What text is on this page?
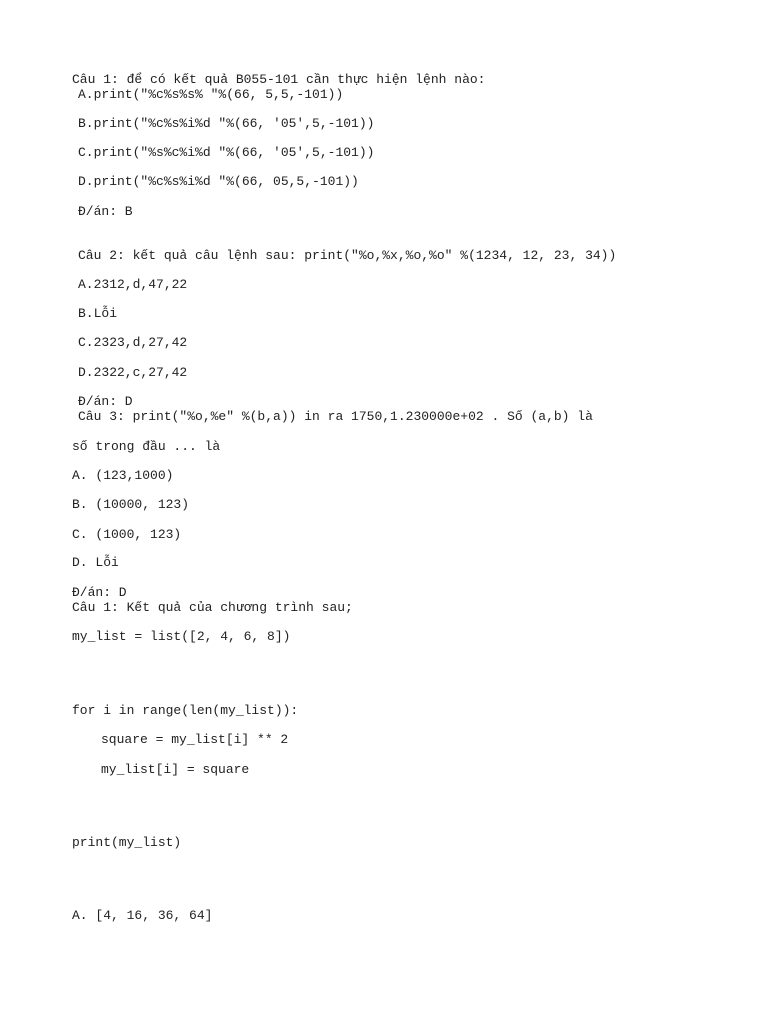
Câu 1: để có kết quả B055-101 cần thực hiện lệnh nào:
A.print("%c%s%s% "%(66, 5,5,-101))
B.print("%c%s%i%d "%(66, '05',5,-101))
C.print("%s%c%i%d "%(66, '05',5,-101))
D.print("%c%s%i%d "%(66, 05,5,-101))
Đ/án: B
Câu 2: kết quả câu lệnh sau: print("%o,%x,%o,%o" %(1234, 12, 23, 34))
A.2312,d,47,22
B.Lỗi
C.2323,d,27,42
D.2322,c,27,42
Đ/án: D
Câu 3: print("%o,%e" %(b,a)) in ra 1750,1.230000e+02 . Số (a,b) là
số trong đầu ... là
A. (123,1000)
B. (10000, 123)
C. (1000, 123)
D. Lỗi
Đ/án: D
Câu 1: Kết quả của chương trình sau;
my_list = list([2, 4, 6, 8])
for i in range(len(my_list)):
square = my_list[i] ** 2
my_list[i] = square
print(my_list)
A. [4, 16, 36, 64]
